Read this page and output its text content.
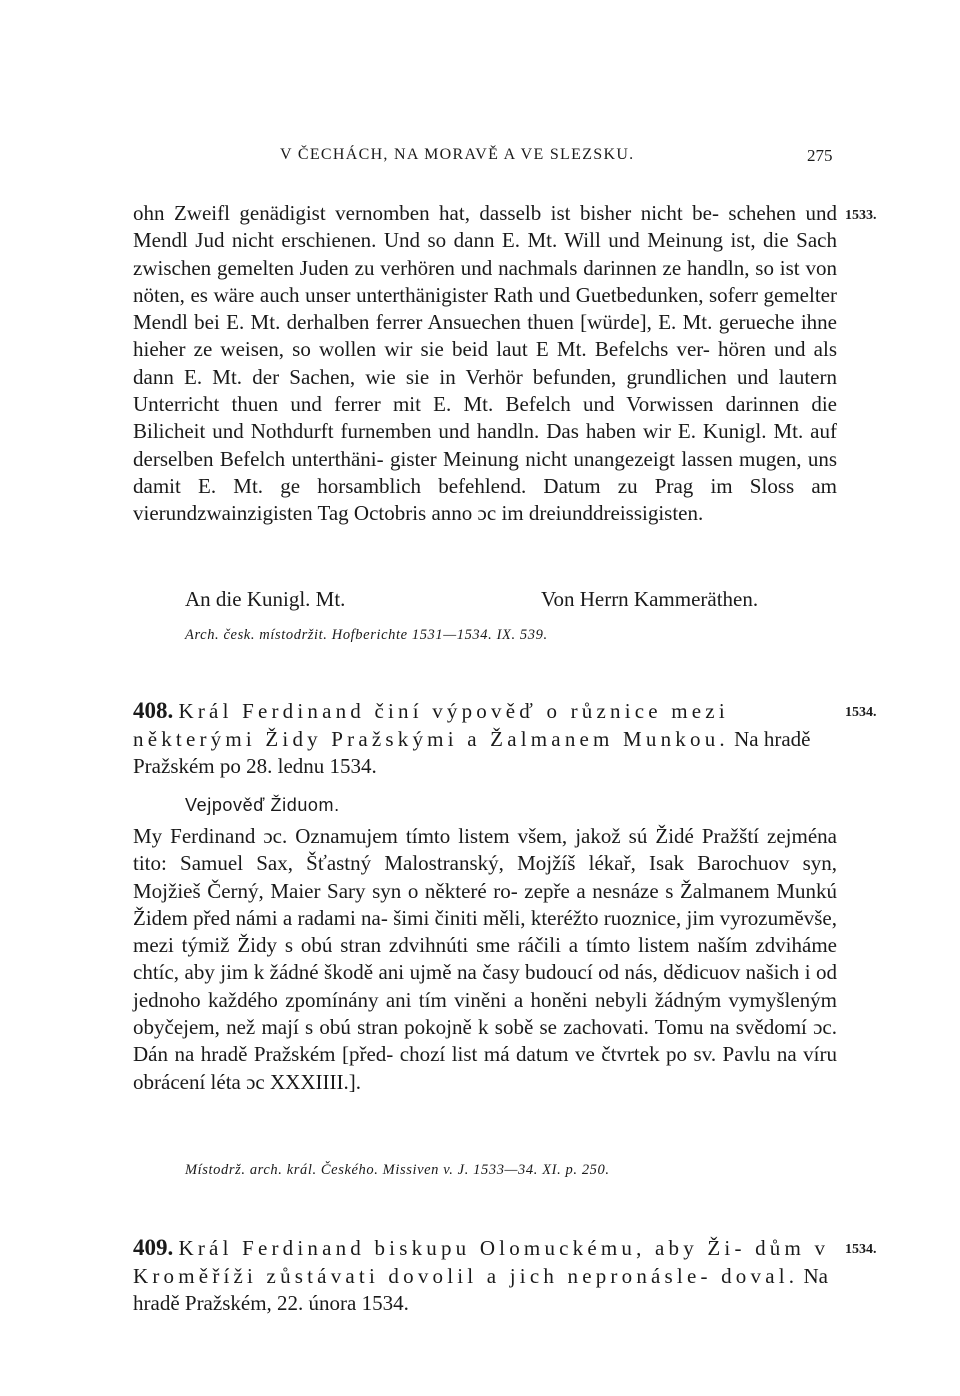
V ČECHÁCH, NA MORAVĚ A VE SLEZSKU.	275

ohn Zweifl genädigist vernomben hat, dasselb ist bisher nicht be- schehen und Mendl Jud nicht erschienen. Und so dann E. Mt. Will und Meinung ist, die Sach zwischen gemelten Juden zu verhören und nachmals darinnen ze handln, so ist von nöten, es wäre auch unser unterthänigister Rath und Guetbedunken, soferr gemelter Mendl bei E. Mt. derhalben ferrer Ansuechen thuen [würde], E. Mt. gerueche ihne hieher ze weisen, so wollen wir sie beid laut E Mt. Befelchs ver- hören und als dann E. Mt. der Sachen, wie sie in Verhör befunden, grundlichen und lautern Unterricht thuen und ferrer mit E. Mt. Befelch und Vorwissen darinnen die Bilicheit und Nothdurft furnemben und handln. Das haben wir E. Kunigl. Mt. auf derselben Befelch unterthäni- gister Meinung nicht unangezeigt lassen mugen, uns damit E. Mt. ge horsamblich befehlend. Datum zu Prag im Sloss am vierundzwainzigisten Tag Octobris anno ɔc im dreiunddreissigisten.

1533.
An die Kunigl. Mt.	Von Herrn Kammeräthen.
Arch. česk. místodržit. Hofberichte 1531—1534. IX. 539.

408. Král Ferdinand činí výpověď o různice mezi některými Židy Pražskými a Žalmanem Munkou. Na hradě Pražském po 28. lednu 1534.

1534.
Vejpověď Židuom.

My Ferdinand ɔc. Oznamujem tímto listem všem, jakož sú Židé Pražští zejména tito: Samuel Sax, Šťastný Malostranský, Mojžíš lékař, Isak Barochuov syn, Mojžieš Černý, Maier Sary syn o některé ro- zepře a nesnáze s Žalmanem Munkú Židem před námi a radami na- šimi činiti měli, kteréžto ruoznice, jim vyrozumĕvše, mezi týmiž Židy s obú stran zdvihnúti sme ráčili a tímto listem naším zdviháme chtíc, aby jim k žádné škodě ani ujmě na časy budoucí od nás, dědicuov našich i od jednoho každého zpomínány ani tím viněni a honěni nebyli žádným vymyšleným obyčejem, než mají s obú stran pokojně k sobě se zachovati. Tomu na svědomí ɔc. Dán na hradě Pražském [před- chozí list má datum ve čtvrtek po sv. Pavlu na víru obrácení léta ɔc XXXIIII.].

Místodrž. arch. král. Českého. Missiven v. J. 1533—34. XI. p. 250.

409. Král Ferdinand biskupu Olomuckému, aby Ži- dům v Kroměříži zůstávati dovolil a jich nepronásle- doval. Na hradě Pražském, 22. února 1534.

1534.
